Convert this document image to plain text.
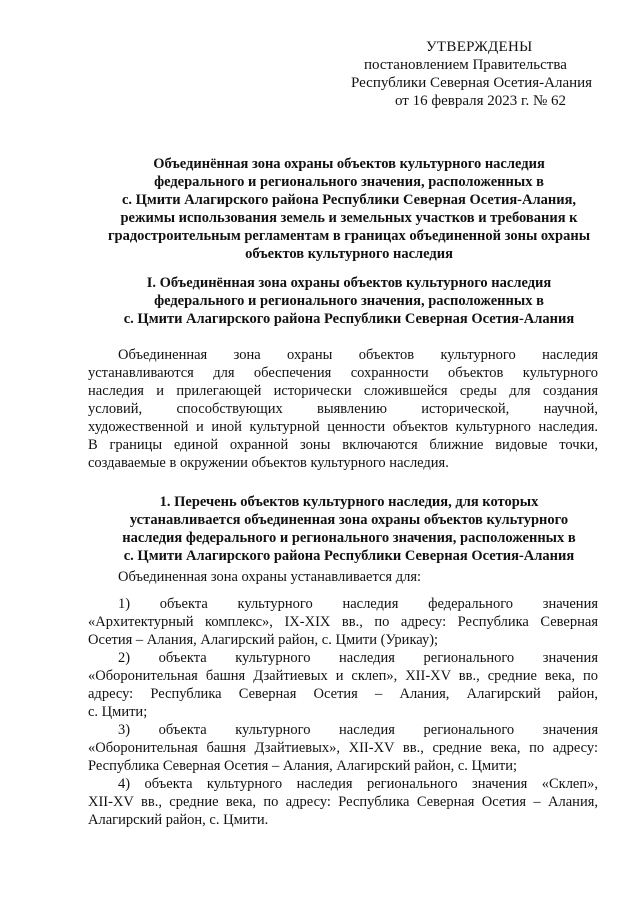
УТВЕРЖДЕНЫ
постановлением Правительства
Республики Северная Осетия-Алания
от 16 февраля 2023 г. № 62
Объединённая зона охраны объектов культурного наследия
федерального и регионального значения, расположенных в
с. Цмити Алагирского района Республики Северная Осетия-Алания,
режимы использования земель и земельных участков и требования к
градостроительным регламентам в границах объединенной зоны охраны
объектов культурного наследия
I. Объединённая зона охраны объектов культурного наследия
федерального и регионального значения, расположенных в
с. Цмити Алагирского района Республики Северная Осетия-Алания
Объединенная зона охраны объектов культурного наследия
устанавливаются для обеспечения сохранности объектов культурного
наследия и прилегающей исторически сложившейся среды для создания
условий, способствующих выявлению исторической, научной,
художественной и иной культурной ценности объектов культурного наследия.
В границы единой охранной зоны включаются ближние видовые точки,
создаваемые в окружении объектов культурного наследия.
1. Перечень объектов культурного наследия, для которых
устанавливается объединенная зона охраны объектов культурного
наследия федерального и регионального значения, расположенных в
с. Цмити Алагирского района Республики Северная Осетия-Алания
Объединенная зона охраны устанавливается для:
1) объекта культурного наследия федерального значения
«Архитектурный комплекс», IX-XIX вв., по адресу: Республика Северная
Осетия – Алания, Алагирский район, с. Цмити (Урикау);
2) объекта культурного наследия регионального значения
«Оборонительная башня Дзайтиевых и склеп», XII-XV вв., средние века, по
адресу: Республика Северная Осетия – Алания, Алагирский район,
с. Цмити;
3) объекта культурного наследия регионального значения
«Оборонительная башня Дзайтиевых», XII-XV вв., средние века, по адресу:
Республика Северная Осетия – Алания, Алагирский район, с. Цмити;
4) объекта культурного наследия регионального значения «Склеп»,
XII-XV вв., средние века, по адресу: Республика Северная Осетия – Алания,
Алагирский район, с. Цмити.
